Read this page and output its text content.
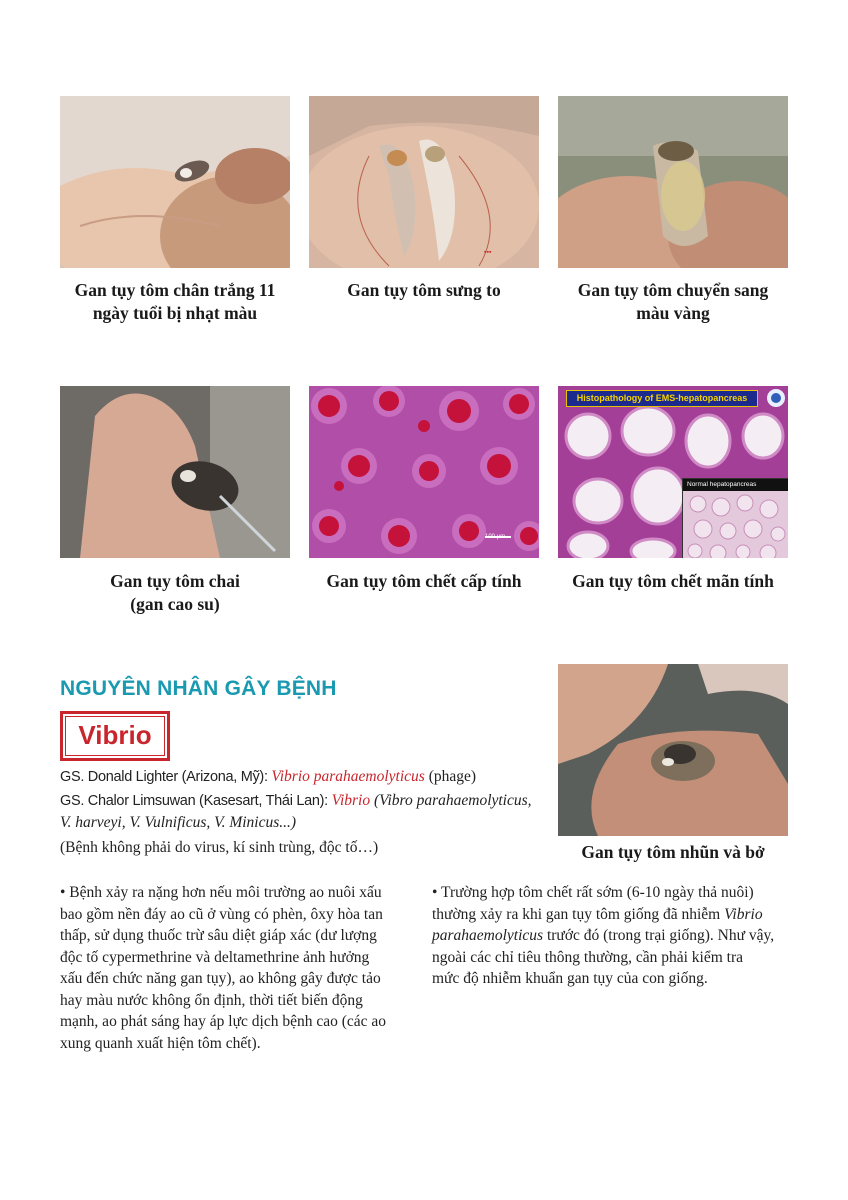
▪▪▪
Gan tụy tôm chân trắng 11
ngày tuổi bị nhạt màu
Gan tụy tôm sưng to	Gan tụy tôm chuyển sang
màu vàng
100 µm
Histopathology of EMS-hepatopancreas
Normal hepatopancreas
Gan tụy tôm chai
(gan cao su)
Gan tụy tôm chết cấp tính	Gan tụy tôm chết mãn tính
NGUYÊN NHÂN GÂY BỆNH
Vibrio
GS. Donald Lighter (Arizona, Mỹ): Vibrio parahaemolyticus (phage)
GS. Chalor Limsuwan (Kasesart, Thái Lan): Vibrio (Vibro parahaemolyticus,
V. harveyi, V. Vulnificus, V. Minicus...)
(Bệnh không phải do virus, kí sinh trùng, độc tố…)	Gan tụy tôm nhũn và bở
• Bệnh xảy ra nặng hơn nếu môi trường ao nuôi xấu
bao gồm nền đáy ao cũ ở vùng có phèn, ôxy hòa tan
thấp, sử dụng thuốc trừ sâu diệt giáp xác (dư lượng
độc tố cypermethrine và deltamethrine ảnh hưởng
xấu đến chức năng gan tụy), ao không gây được tảo
hay màu nước không ổn định, thời tiết biến động
mạnh, ao phát sáng hay áp lực dịch bệnh cao (các ao
xung quanh xuất hiện tôm chết).
• Trường hợp tôm chết rất sớm (6-10 ngày thả nuôi)
thường xảy ra khi gan tụy tôm giống đã nhiễm Vibrio
parahaemolyticus trước đó (trong trại giống). Như vậy,
ngoài các chỉ tiêu thông thường, cần phải kiểm tra
mức độ nhiễm khuẩn gan tụy của con giống.
